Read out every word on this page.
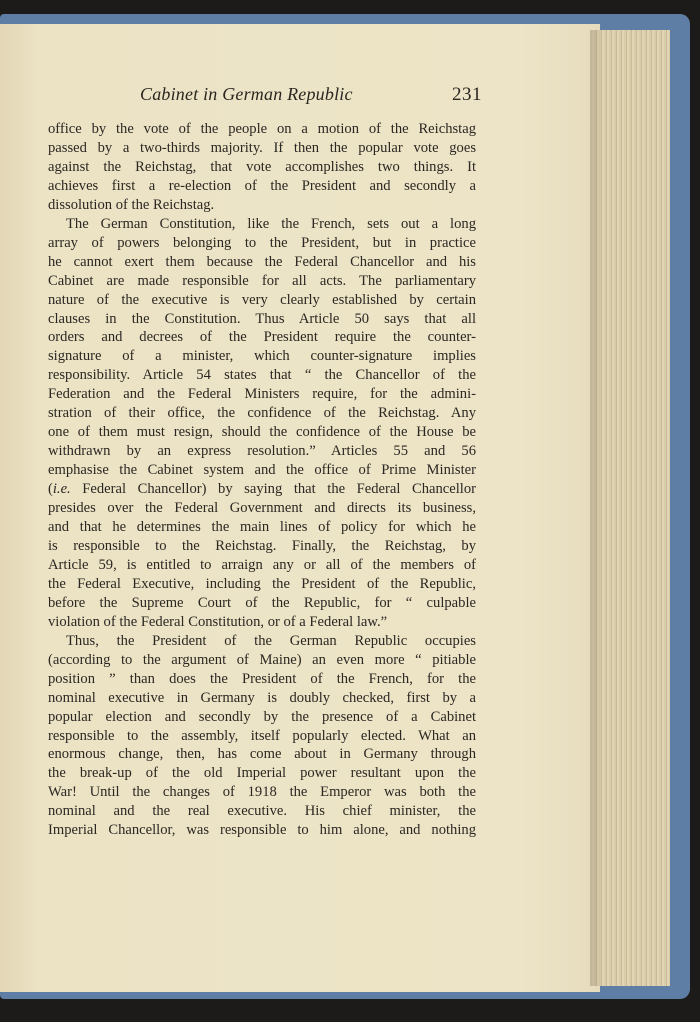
Cabinet in German Republic	231
office by the vote of the people on a motion of the Reichstag
passed by a two-thirds majority. If then the popular vote goes
against the Reichstag, that vote accomplishes two things. It
achieves first a re-election of the President and secondly a
dissolution of the Reichstag.
The German Constitution, like the French, sets out a long
array of powers belonging to the President, but in practice
he cannot exert them because the Federal Chancellor and his
Cabinet are made responsible for all acts. The parliamentary
nature of the executive is very clearly established by certain
clauses in the Constitution. Thus Article 50 says that all
orders and decrees of the President require the counter-
signature of a minister, which counter-signature implies
responsibility. Article 54 states that “ the Chancellor of the
Federation and the Federal Ministers require, for the admini-
stration of their office, the confidence of the Reichstag. Any
one of them must resign, should the confidence of the House be
withdrawn by an express resolution.” Articles 55 and 56
emphasise the Cabinet system and the office of Prime Minister
(i.e. Federal Chancellor) by saying that the Federal Chancellor
presides over the Federal Government and directs its business,
and that he determines the main lines of policy for which he
is responsible to the Reichstag. Finally, the Reichstag, by
Article 59, is entitled to arraign any or all of the members of
the Federal Executive, including the President of the Republic,
before the Supreme Court of the Republic, for “ culpable
violation of the Federal Constitution, or of a Federal law.”
Thus, the President of the German Republic occupies
(according to the argument of Maine) an even more “ pitiable
position ” than does the President of the French, for the
nominal executive in Germany is doubly checked, first by a
popular election and secondly by the presence of a Cabinet
responsible to the assembly, itself popularly elected. What an
enormous change, then, has come about in Germany through
the break-up of the old Imperial power resultant upon the
War! Until the changes of 1918 the Emperor was both the
nominal and the real executive. His chief minister, the
Imperial Chancellor, was responsible to him alone, and nothing
